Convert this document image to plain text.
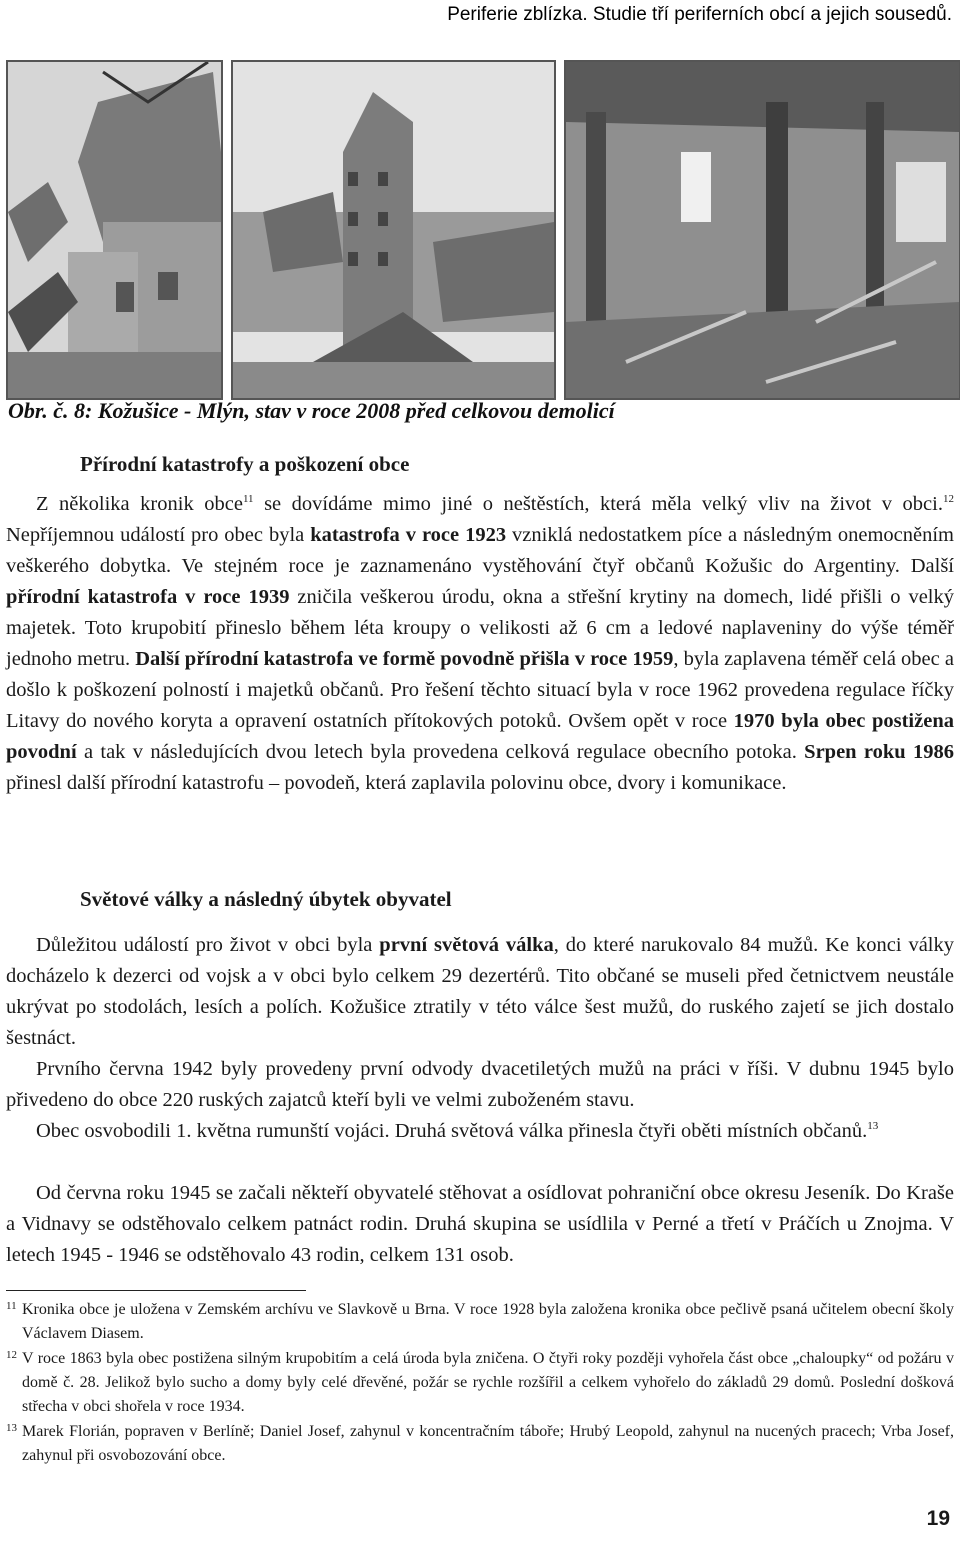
Periferie zblízka. Studie tří periferních obcí a jejich sousedů.
Obr. č. 8: Kožušice - Mlýn, stav v roce 2008 před celkovou demolicí
Přírodní katastrofy a poškození obce

Z několika kronik obce$^{11}$ se dovídáme mimo jiné o neštěstích, která měla velký vliv na život v obci.$^{12}$ Nepříjemnou událostí pro obec byla katastrofa v roce 1923 vzniklá nedostatkem píce a následným onemocněním veškerého dobytka. Ve stejném roce je zaznamenáno vystěhování čtyř občanů Kožušic do Argentiny. Další přírodní katastrofa v roce 1939 zničila veškerou úrodu, okna a střešní krytiny na domech, lidé přišli o velký majetek. Toto krupobití přineslo během léta kroupy o velikosti až 6 cm a ledové naplaveniny do výše téměř jednoho metru. Další přírodní katastrofa ve formě povodně přišla v roce 1959, byla zaplavena téměř celá obec a došlo k poškození polností i majetků občanů. Pro řešení těchto situací byla v roce 1962 provedena regulace říčky Litavy do nového koryta a opravení ostatních přítokových potoků. Ovšem opět v roce 1970 byla obec postižena povodní a tak v následujících dvou letech byla provedena celková regulace obecního potoka. Srpen roku 1986 přinesl další přírodní katastrofu – povodeň, která zaplavila polovinu obce, dvory i komunikace.

Světové války a následný úbytek obyvatel

Důležitou událostí pro život v obci byla první světová válka, do které narukovalo 84 mužů. Ke konci války docházelo k dezerci od vojsk a v obci bylo celkem 29 dezertérů. Tito občané se museli před četnictvem neustále ukrývat po stodolách, lesích a polích. Kožušice ztratily v této válce šest mužů, do ruského zajetí se jich dostalo šestnáct.

Prvního června 1942 byly provedeny první odvody dvacetiletých mužů na práci v říši. V dubnu 1945 bylo přivedeno do obce 220 ruských zajatců kteří byli ve velmi zuboženém stavu.

Obec osvobodili 1. května rumunští vojáci. Druhá světová válka přinesla čtyři oběti místních občanů.$^{13}$

Od června roku 1945 se začali někteří obyvatelé stěhovat a osídlovat pohraniční obce okresu Jeseník. Do Kraše a Vidnavy se odstěhovalo celkem patnáct rodin. Druhá skupina se usídlila v Perné a třetí v Práčích u Znojma. V letech 1945 - 1946 se odstěhovalo 43 rodin, celkem 131 osob.

11 Kronika obce je uložena v Zemském archívu ve Slavkově u Brna. V roce 1928 byla založena kronika obce pečlivě psaná učitelem obecní školy Václavem Diasem.
12 V roce 1863 byla obec postižena silným krupobitím a celá úroda byla zničena. O čtyři roky později vyhořela část obce „chaloupky“ od požáru v domě č. 28. Jelikož bylo sucho a domy byly celé dřevěné, požár se rychle rozšířil a celkem vyhořelo do základů 29 domů. Poslední došková střecha v obci shořela v roce 1934.
13 Marek Florián, popraven v Berlíně; Daniel Josef, zahynul v koncentračním táboře; Hrubý Leopold, zahynul na nucených pracech; Vrba Josef, zahynul při osvobozování obce.
19
